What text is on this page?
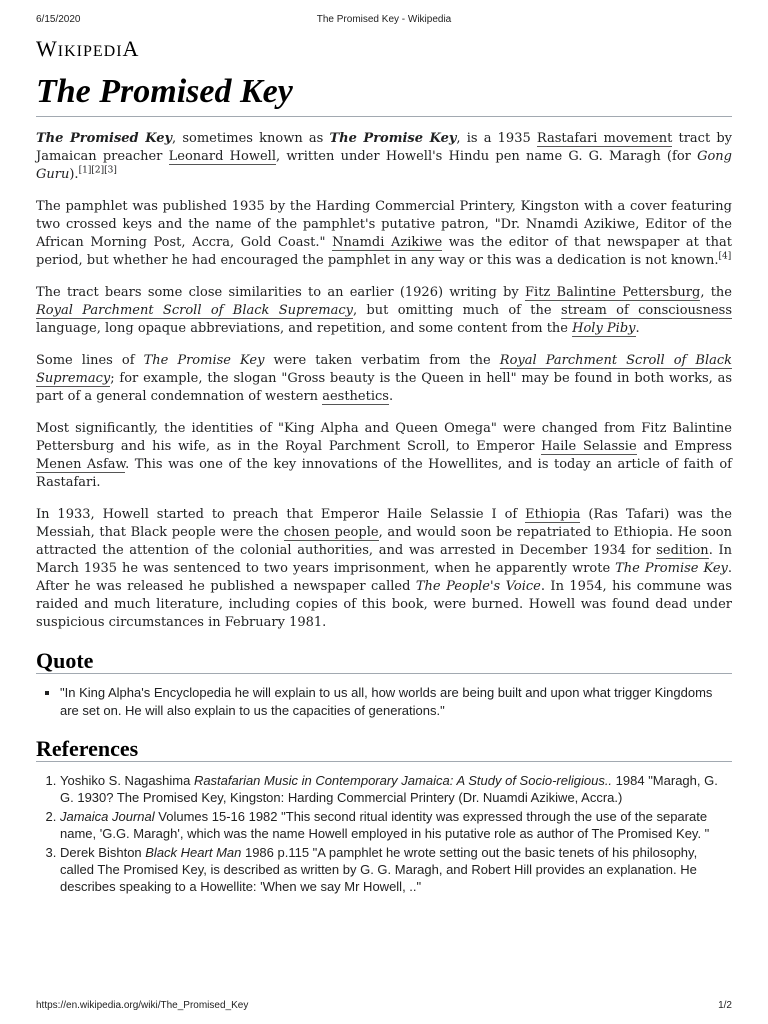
6/15/2020	The Promised Key - Wikipedia
WIKIPEDIA
The Promised Key

The Promised Key, sometimes known as The Promise Key, is a 1935 Rastafari movement tract by Jamaican preacher Leonard Howell, written under Howell's Hindu pen name G. G. Maragh (for Gong Guru).[1][2][3]

The pamphlet was published 1935 by the Harding Commercial Printery, Kingston with a cover featuring two crossed keys and the name of the pamphlet's putative patron, "Dr. Nnamdi Azikiwe, Editor of the African Morning Post, Accra, Gold Coast." Nnamdi Azikiwe was the editor of that newspaper at that period, but whether he had encouraged the pamphlet in any way or this was a dedication is not known.[4]

The tract bears some close similarities to an earlier (1926) writing by Fitz Balintine Pettersburg, the Royal Parchment Scroll of Black Supremacy, but omitting much of the stream of consciousness language, long opaque abbreviations, and repetition, and some content from the Holy Piby.

Some lines of The Promise Key were taken verbatim from the Royal Parchment Scroll of Black Supremacy; for example, the slogan "Gross beauty is the Queen in hell" may be found in both works, as part of a general condemnation of western aesthetics.

Most significantly, the identities of "King Alpha and Queen Omega" were changed from Fitz Balintine Pettersburg and his wife, as in the Royal Parchment Scroll, to Emperor Haile Selassie and Empress Menen Asfaw. This was one of the key innovations of the Howellites, and is today an article of faith of Rastafari.

In 1933, Howell started to preach that Emperor Haile Selassie I of Ethiopia (Ras Tafari) was the Messiah, that Black people were the chosen people, and would soon be repatriated to Ethiopia. He soon attracted the attention of the colonial authorities, and was arrested in December 1934 for sedition. In March 1935 he was sentenced to two years imprisonment, when he apparently wrote The Promise Key. After he was released he published a newspaper called The People's Voice. In 1954, his commune was raided and much literature, including copies of this book, were burned. Howell was found dead under suspicious circumstances in February 1981.

Quote
▪ "In King Alpha's Encyclopedia he will explain to us all, how worlds are being built and upon what trigger Kingdoms are set on. He will also explain to us the capacities of generations."
References
1. Yoshiko S. Nagashima Rastafarian Music in Contemporary Jamaica: A Study of Socio-religious.. 1984 "Maragh, G. G. 1930? The Promised Key, Kingston: Harding Commercial Printery (Dr. Nuamdi Azikiwe, Accra.)
2. Jamaica Journal Volumes 15-16 1982 "This second ritual identity was expressed through the use of the separate name, 'G.G. Maragh', which was the name Howell employed in his putative role as author of The Promised Key. "
3. Derek Bishton Black Heart Man 1986 p.115 "A pamphlet he wrote setting out the basic tenets of his philosophy, called The Promised Key, is described as written by G. G. Maragh, and Robert Hill provides an explanation. He describes speaking to a Howellite: 'When we say Mr Howell, .."
https://en.wikipedia.org/wiki/The_Promised_Key	1/2
